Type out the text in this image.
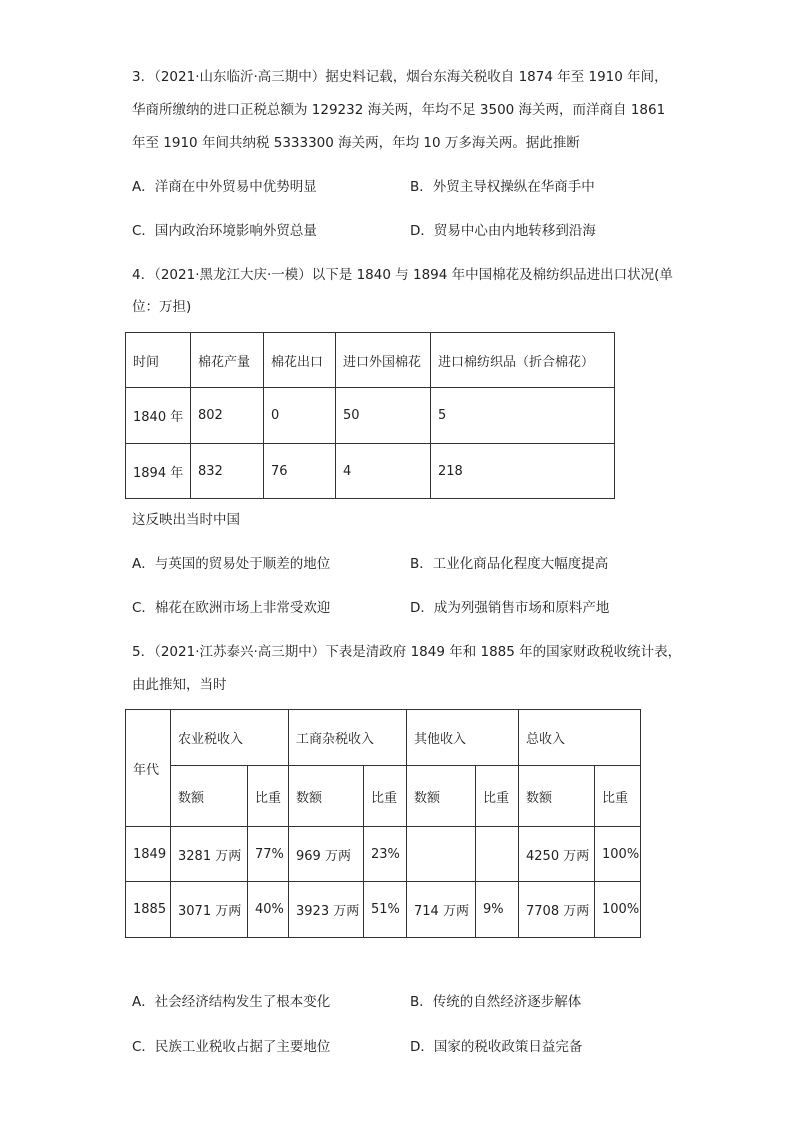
3．（2021·山东临沂·高三期中）据史料记载，烟台东海关税收自 1874 年至 1910 年间，
华商所缴纳的进口正税总额为 129232 海关两，年均不足 3500 海关两，而洋商自 1861
年至 1910 年间共纳税 5333300 海关两，年均 10 万多海关两。据此推断
A．洋商在中外贸易中优势明显	B．外贸主导权操纵在华商手中
C．国内政治环境影响外贸总量	D．贸易中心由内地转移到沿海
4．（2021·黑龙江大庆·一模）以下是 1840 与 1894 年中国棉花及棉纺织品进出口状况(单
位：万担)
时间	棉花产量	棉花出口	进口外国棉花	进口棉纺织品（折合棉花）
1840 年	802	0	50	5
1894 年	832	76	4	218
这反映出当时中国
A．与英国的贸易处于顺差的地位	B．工业化商品化程度大幅度提高
C．棉花在欧洲市场上非常受欢迎	D．成为列强销售市场和原料产地
5．（2021·江苏泰兴·高三期中）下表是清政府 1849 年和 1885 年的国家财政税收统计表，
由此推知，当时
年代	农业税收入		工商杂税收入		其他收入		总收入	
	数额	比重	数额	比重	数额	比重	数额	比重
1849	3281 万两	77%	969 万两	23%			4250 万两	100%
1885	3071 万两	40%	3923 万两	51%	714 万两	9%	7708 万两	100%
A．社会经济结构发生了根本变化	B．传统的自然经济逐步解体
C．民族工业税收占据了主要地位	D．国家的税收政策日益完备
